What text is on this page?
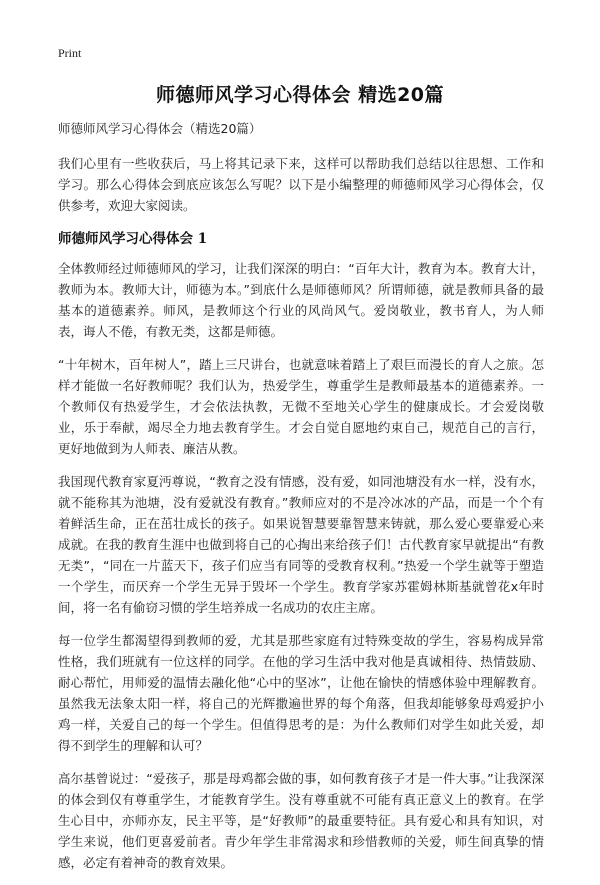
Print
师德师风学习心得体会 精选20篇

师德师风学习心得体会（精选20篇）

我们心里有一些收获后，马上将其记录下来，这样可以帮助我们总结以往思想、工作和学习。那么心得体会到底应该怎么写呢？以下是小编整理的师德师风学习心得体会，仅供参考，欢迎大家阅读。

师德师风学习心得体会 1

全体教师经过师德师风的学习，让我们深深的明白：“百年大计，教育为本。教育大计，教师为本。教师大计，师德为本。”到底什么是师德师风？所谓师德，就是教师具备的最基本的道德素养。师风，是教师这个行业的风尚风气。爱岗敬业，教书育人，为人师表，诲人不倦，有教无类，这都是师德。

“十年树木，百年树人”，踏上三尺讲台，也就意味着踏上了艰巨而漫长的育人之旅。怎样才能做一名好教师呢？我们认为，热爱学生，尊重学生是教师最基本的道德素养。一个教师仅有热爱学生，才会依法执教，无微不至地关心学生的健康成长。才会爱岗敬业，乐于奉献，竭尽全力地去教育学生。才会自觉自愿地约束自己，规范自己的言行，更好地做到为人师表、廉洁从教。

我国现代教育家夏沔尊说，“教育之没有情感，没有爱，如同池塘没有水一样，没有水，就不能称其为池塘，没有爱就没有教育。”教师应对的不是冷冰冰的产品，而是一个个有着鲜活生命，正在茁壮成长的孩子。如果说智慧要靠智慧来铸就，那么爱心要靠爱心来成就。在我的教育生涯中也做到将自己的心掏出来给孩子们！古代教育家早就提出“有教无类”，“同在一片蓝天下，孩子们应当有同等的受教育权利。”热爱一个学生就等于塑造一个学生，而厌弃一个学生无异于毁坏一个学生。教育学家苏霍姆林斯基就曾花x年时间，将一名有偷窃习惯的学生培养成一名成功的农庄主席。

每一位学生都渴望得到教师的爱，尤其是那些家庭有过特殊变故的学生，容易构成异常性格，我们班就有一位这样的同学。在他的学习生活中我对他是真诚相待、热情鼓励、耐心帮忙，用师爱的温情去融化他“心中的坚冰”，让他在愉快的情感体验中理解教育。虽然我无法象太阳一样，将自己的光辉撒遍世界的每个角落，但我却能够象母鸡爱护小鸡一样，关爱自己的每一个学生。但值得思考的是：为什么教师们对学生如此关爱，却得不到学生的理解和认可？

高尔基曾说过：“爱孩子，那是母鸡都会做的事，如何教育孩子才是一件大事。”让我深深的体会到仅有尊重学生，才能教育学生。没有尊重就不可能有真正意义上的教育。在学生心目中，亦师亦友，民主平等，是“好教师”的最重要特征。具有爱心和具有知识，对学生来说，他们更喜爱前者。青少年学生非常渴求和珍惜教师的关爱，师生间真挚的情感，必定有着神奇的教育效果。
